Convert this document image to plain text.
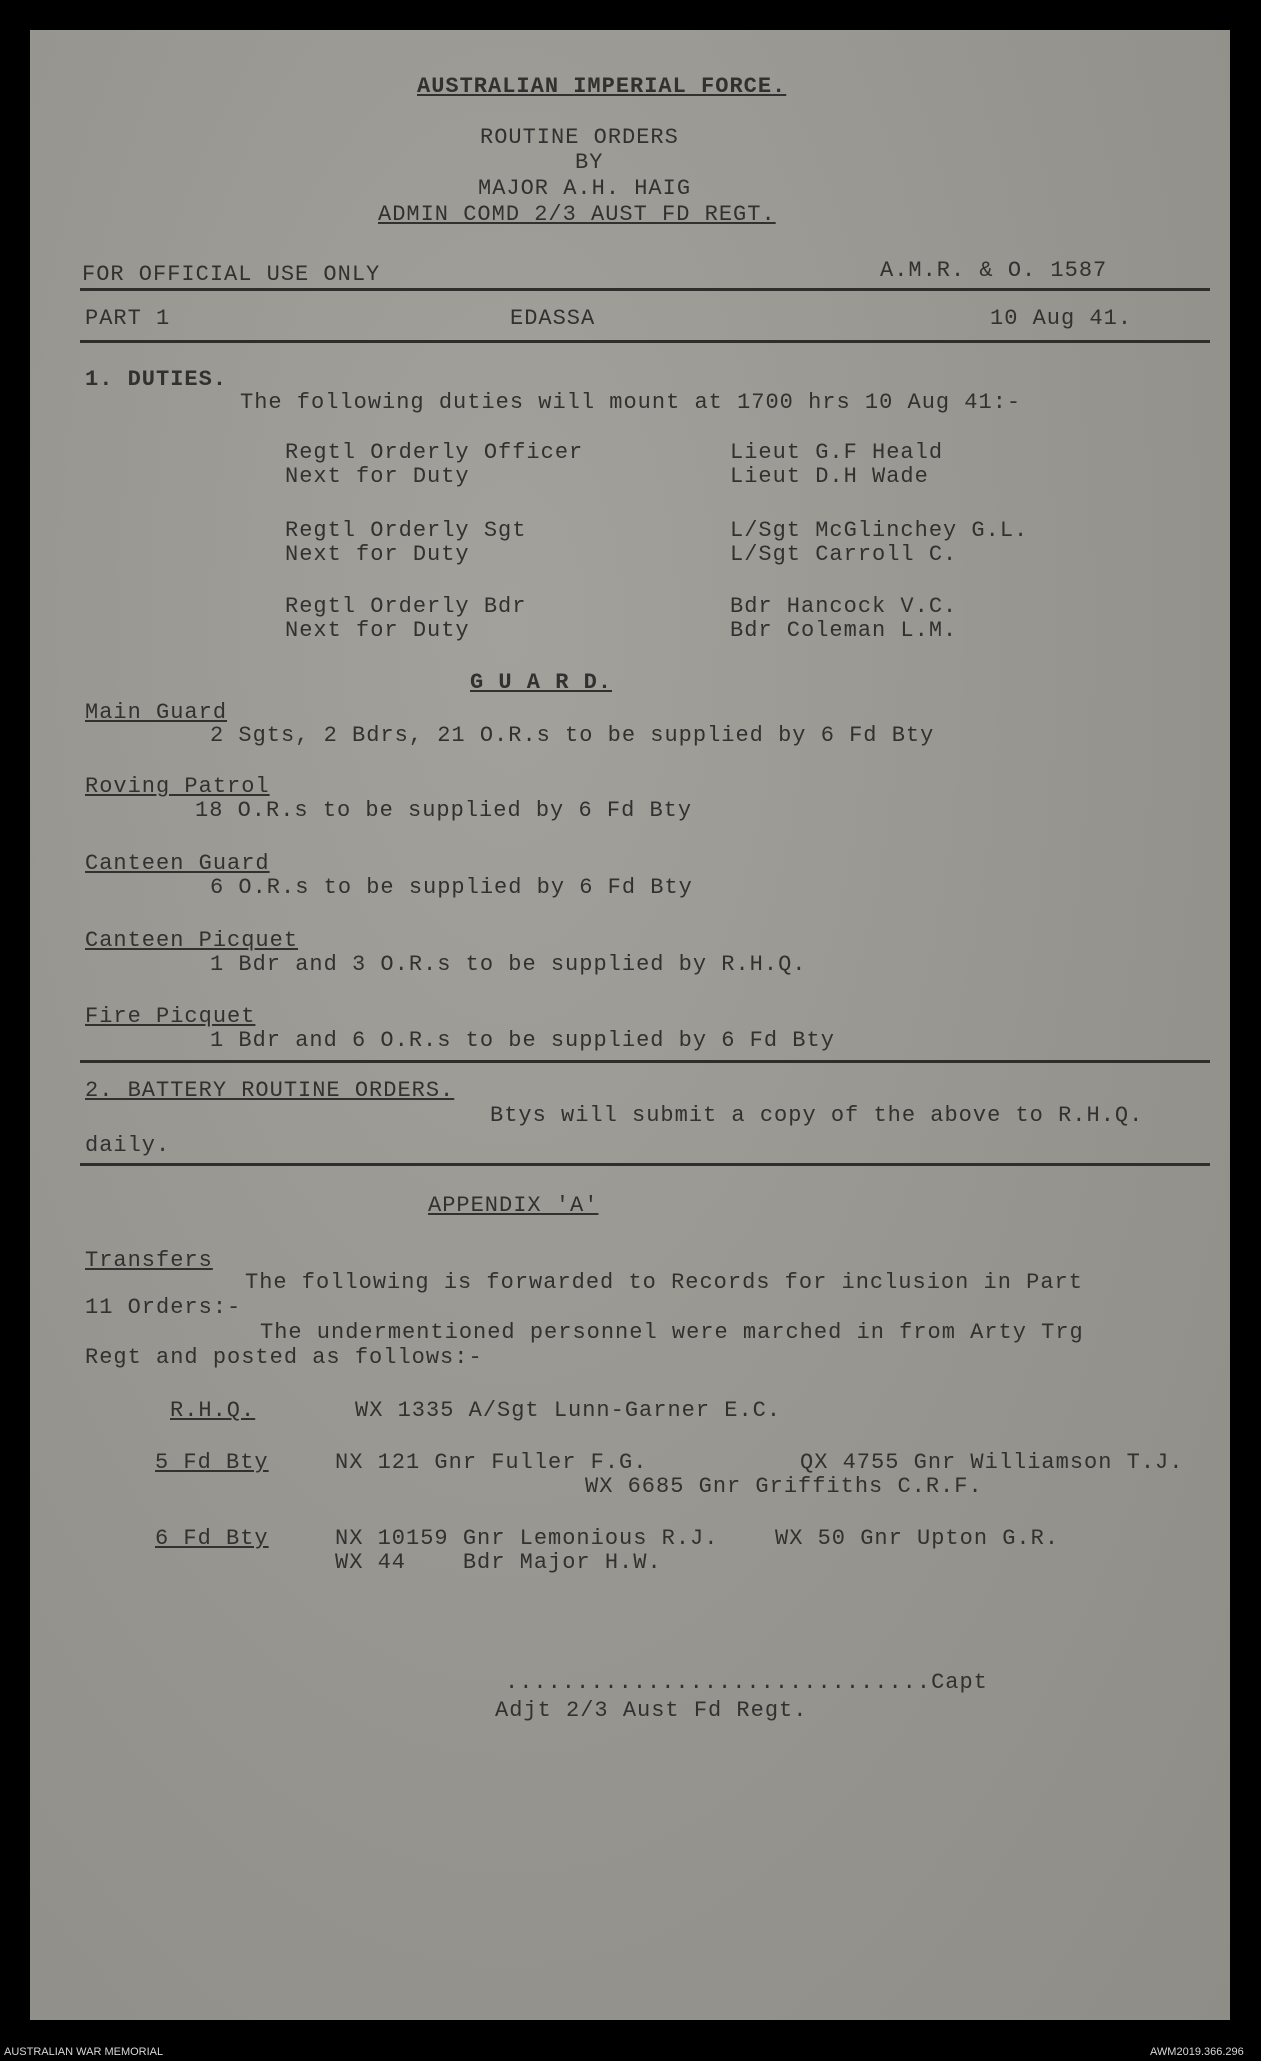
AUSTRALIAN IMPERIAL FORCE.
ROUTINE ORDERS
BY
MAJOR A.H. HAIG
ADMIN COMD 2/3 AUST FD REGT.
FOR OFFICIAL USE ONLY	A.M.R. & O. 1587
PART 1	EDASSA	10 Aug 41.
1. DUTIES.
The following duties will mount at 1700 hrs 10 Aug 41:-
Regtl Orderly Officer	Lieut G.F Heald
Next for Duty	Lieut D.H Wade
Regtl Orderly Sgt	L/Sgt McGlinchey G.L.
Next for Duty	L/Sgt Carroll C.
Regtl Orderly Bdr	Bdr Hancock V.C.
Next for Duty	Bdr Coleman L.M.
G U A R D.
Main Guard
2 Sgts, 2 Bdrs, 21 O.R.s to be supplied by 6 Fd Bty
Roving Patrol
18 O.R.s to be supplied by 6 Fd Bty
Canteen Guard
6 O.R.s to be supplied by 6 Fd Bty
Canteen Picquet
1 Bdr and 3 O.R.s to be supplied by R.H.Q.
Fire Picquet
1 Bdr and 6 O.R.s to be supplied by 6 Fd Bty
2. BATTERY ROUTINE ORDERS.
Btys will submit a copy of the above to R.H.Q.
daily.
APPENDIX 'A'
Transfers
The following is forwarded to Records for inclusion in Part
11 Orders:-
The undermentioned personnel were marched in from Arty Trg
Regt and posted as follows:-
R.H.Q.	WX 1335 A/Sgt Lunn-Garner E.C.
5 Fd Bty	NX 121 Gnr Fuller F.G.	QX 4755 Gnr Williamson T.J.
WX 6685 Gnr Griffiths C.R.F.
6 Fd Bty	NX 10159 Gnr Lemonious R.J.	WX 50 Gnr Upton G.R.
WX 44    Bdr Major H.W.
..............................Capt
Adjt 2/3 Aust Fd Regt.
AUSTRALIAN WAR MEMORIAL	AWM2019.366.296
